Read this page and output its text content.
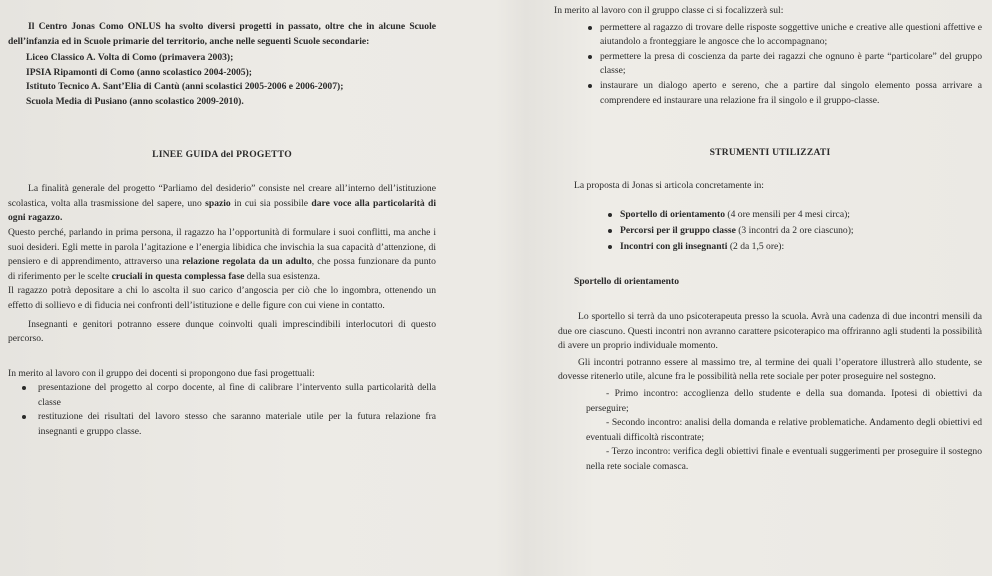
Il Centro Jonas Como ONLUS ha svolto diversi progetti in passato, oltre che in alcune Scuole dell’infanzia ed in Scuole primarie del territorio, anche nelle seguenti Scuole secondarie:

Liceo Classico A. Volta di Como (primavera 2003);

IPSIA Ripamonti di Como (anno scolastico 2004-2005);

Istituto Tecnico A. Sant’Elia di Cantù (anni scolastici 2005-2006 e 2006-2007);

Scuola Media di Pusiano (anno scolastico 2009-2010).

LINEE GUIDA del PROGETTO

La finalità generale del progetto “Parliamo del desiderio” consiste nel creare all’interno dell’istituzione scolastica, volta alla trasmissione del sapere, uno spazio in cui sia possibile dare voce alla particolarità di ogni ragazzo.

Questo perché, parlando in prima persona, il ragazzo ha l’opportunità di formulare i suoi conflitti, ma anche i suoi desideri. Egli mette in parola l’agitazione e l’energia libidica che invischia la sua capacità d’attenzione, di pensiero e di apprendimento, attraverso una relazione regolata da un adulto, che possa funzionare da punto di riferimento per le scelte cruciali in questa complessa fase della sua esistenza.

Il ragazzo potrà depositare a chi lo ascolta il suo carico d’angoscia per ciò che lo ingombra, ottenendo un effetto di sollievo e di fiducia nei confronti dell’istituzione e delle figure con cui viene in contatto.

Insegnanti e genitori potranno essere dunque coinvolti quali imprescindibili interlocutori di questo percorso.

In merito al lavoro con il gruppo dei docenti si propongono due fasi progettuali:

presentazione del progetto al corpo docente, al fine di calibrare l’intervento sulla particolarità della classe
restituzione dei risultati del lavoro stesso che saranno materiale utile per la futura relazione fra insegnanti e gruppo classe.

In merito al lavoro con il gruppo classe ci si focalizzerà sul:

permettere al ragazzo di trovare delle risposte soggettive uniche e creative alle questioni affettive e aiutandolo a fronteggiare le angosce che lo accompagnano;
permettere la presa di coscienza da parte dei ragazzi che ognuno è parte “particolare” del gruppo classe;
instaurare un dialogo aperto e sereno, che a partire dal singolo elemento possa arrivare a comprendere ed instaurare una relazione fra il singolo e il gruppo-classe.
STRUMENTI UTILIZZATI

La proposta di Jonas si articola concretamente in:

Sportello di orientamento (4 ore mensili per 4 mesi circa);
Percorsi per il gruppo classe (3 incontri da 2 ore ciascuno);
Incontri con gli insegnanti (2 da 1,5 ore):
Sportello di orientamento

Lo sportello si terrà da uno psicoterapeuta presso la scuola. Avrà una cadenza di due incontri mensili da due ore ciascuno. Questi incontri non avranno carattere psicoterapico ma offriranno agli studenti la possibilità di avere un proprio individuale momento.

Gli incontri potranno essere al massimo tre, al termine dei quali l’operatore illustrerà allo studente, se dovesse ritenerlo utile, alcune fra le possibilità nella rete sociale per poter proseguire nel sostegno.

- Primo incontro: accoglienza dello studente e della sua domanda. Ipotesi di obiettivi da perseguire;

- Secondo incontro: analisi della domanda e relative problematiche. Andamento degli obiettivi ed eventuali difficoltà riscontrate;

- Terzo incontro: verifica degli obiettivi finale e eventuali suggerimenti per proseguire il sostegno nella rete sociale comasca.
